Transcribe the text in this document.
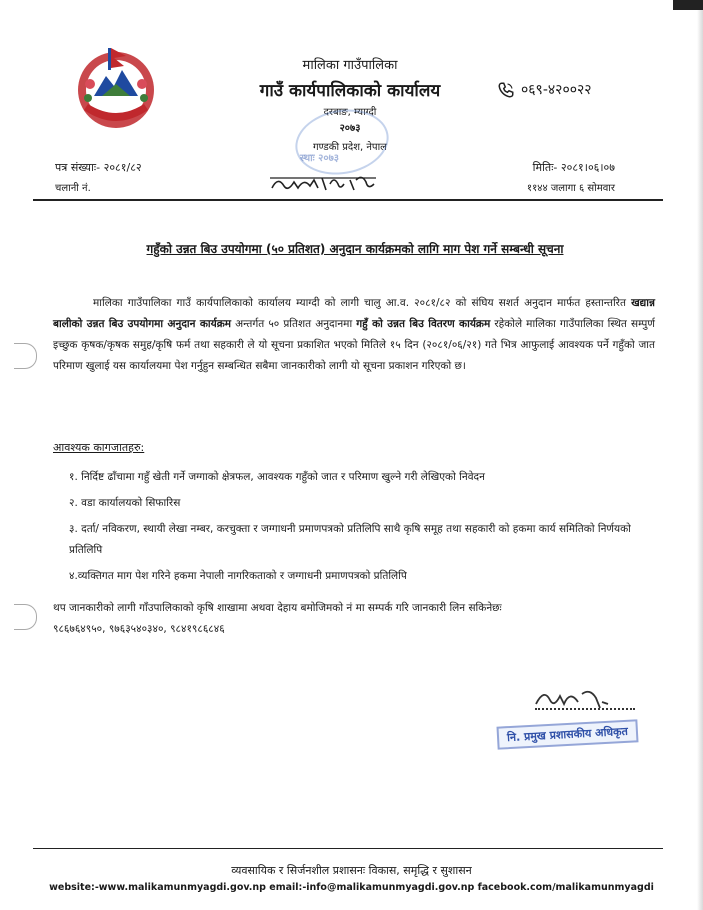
मालिका गाउँपालिका
गाउँ कार्यपालिकाको कार्यालय
दरबाङ, म्याग्दी
२०७३
गण्डकी प्रदेश, नेपाल
स्थाः २०७३
०६९-४२००२२
पत्र संख्याः- २०८१/८२
चलानी नं.
मितिः- २०८१।०६।०७
११४४ जलागा ६ सोमवार
गहुँको उन्नत बिउ उपयोगमा (५० प्रतिशत) अनुदान कार्यक्रमको लागि माग पेश गर्ने सम्बन्धी सूचना
मालिका गाउँपालिका गाउँ कार्यपालिकाको कार्यालय म्याग्दी को लागी चालु आ.व. २०८१/८२ को संघिय सशर्त अनुदान मार्फत हस्तान्तरित खद्यान्न बालीको उन्नत बिउ उपयोगमा अनुदान कार्यक्रम अन्तर्गत ५० प्रतिशत अनुदानमा गहुँ को उन्नत बिउ वितरण कार्यक्रम रहेकोले मालिका गाउँपालिका स्थित सम्पुर्ण इच्छुक कृषक/कृषक समुह/कृषि फर्म तथा सहकारी ले यो सूचना प्रकाशित भएको मितिले १५ दिन (२०८१/०६/२१) गते भित्र आफुलाई आवश्यक पर्ने गहुँको जात परिमाण खुलाई यस कार्यालयमा पेश गर्नुहुन सम्बन्धित सबैमा जानकारीको लागी यो सूचना प्रकाशन गरिएको छ।
आवश्यक कागजातहरु:
१. निर्दिष्ट ढाँचामा गहुँ खेती गर्ने जग्गाको क्षेत्रफल, आवश्यक गहुँको जात र परिमाण खुल्ने गरी लेखिएको निवेदन
२. वडा कार्यालयको सिफारिस
३. दर्ता/ नविकरण, स्थायी लेखा नम्बर, करचुक्ता र जग्गाधनी प्रमाणपत्रको प्रतिलिपि साथै कृषि समूह तथा सहकारी को हकमा कार्य समितिको निर्णयको प्रतिलिपि
४.व्यक्तिगत माग पेश गरिने हकमा नेपाली नागरिकताको र जग्गाधनी प्रमाणपत्रको प्रतिलिपि
थप जानकारीको लागी गाँउपालिकाको कृषि शाखामा अथवा देहाय बमोजिमको नं मा सम्पर्क गरि जानकारी लिन सकिनेछः
९८६७६४९५०, ९७६३५४०३४०, ९८४१९८६८४६
नि. प्रमुख प्रशासकीय अधिकृत
व्यवसायिक र सिर्जनशील प्रशासनः विकास, समृद्धि र सुशासन
website:-www.malikamunmyagdi.gov.np email:-info@malikamunmyagdi.gov.np facebook.com/malikamunmyagdi
